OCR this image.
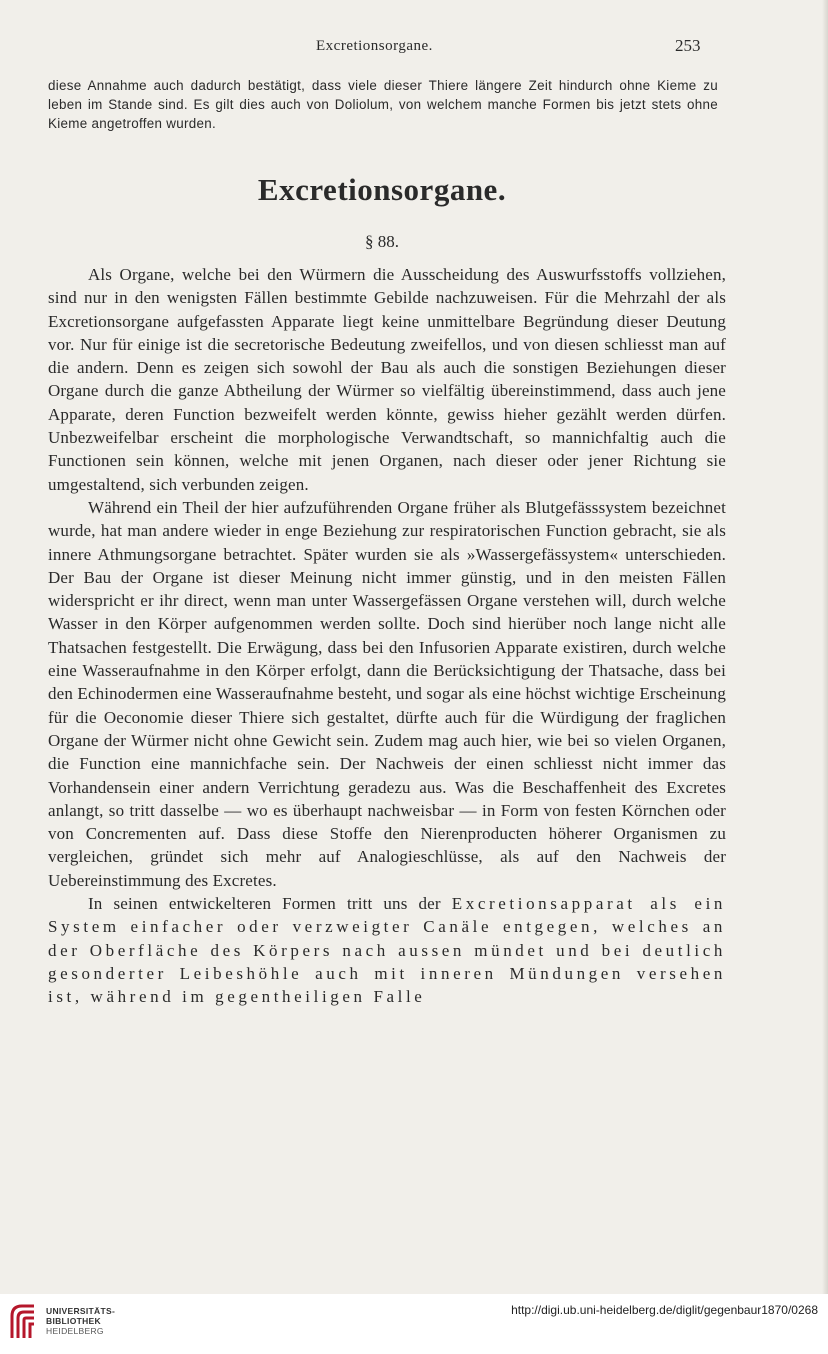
Excretionsorgane.	253
diese Annahme auch dadurch bestätigt, dass viele dieser Thiere längere Zeit hindurch ohne Kieme zu leben im Stande sind. Es gilt dies auch von Doliolum, von welchem manche Formen bis jetzt stets ohne Kieme angetroffen wurden.
Excretionsorgane.
§ 88.

Als Organe, welche bei den Würmern die Ausscheidung des Auswurfsstoffs vollziehen, sind nur in den wenigsten Fällen bestimmte Gebilde nachzuweisen. Für die Mehrzahl der als Excretionsorgane aufgefassten Apparate liegt keine unmittelbare Begründung dieser Deutung vor. Nur für einige ist die secretorische Bedeutung zweifellos, und von diesen schliesst man auf die andern. Denn es zeigen sich sowohl der Bau als auch die sonstigen Beziehungen dieser Organe durch die ganze Abtheilung der Würmer so vielfältig übereinstimmend, dass auch jene Apparate, deren Function bezweifelt werden könnte, gewiss hieher gezählt werden dürfen. Unbezweifelbar erscheint die morphologische Verwandtschaft, so mannichfaltig auch die Functionen sein können, welche mit jenen Organen, nach dieser oder jener Richtung sie umgestaltend, sich verbunden zeigen.

Während ein Theil der hier aufzuführenden Organe früher als Blutgefässsystem bezeichnet wurde, hat man andere wieder in enge Beziehung zur respiratorischen Function gebracht, sie als innere Athmungsorgane betrachtet. Später wurden sie als »Wassergefässystem« unterschieden. Der Bau der Organe ist dieser Meinung nicht immer günstig, und in den meisten Fällen widerspricht er ihr direct, wenn man unter Wassergefässen Organe verstehen will, durch welche Wasser in den Körper aufgenommen werden sollte. Doch sind hierüber noch lange nicht alle Thatsachen festgestellt. Die Erwägung, dass bei den Infusorien Apparate existiren, durch welche eine Wasseraufnahme in den Körper erfolgt, dann die Berücksichtigung der Thatsache, dass bei den Echinodermen eine Wasseraufnahme besteht, und sogar als eine höchst wichtige Erscheinung für die Oeconomie dieser Thiere sich gestaltet, dürfte auch für die Würdigung der fraglichen Organe der Würmer nicht ohne Gewicht sein. Zudem mag auch hier, wie bei so vielen Organen, die Function eine mannichfache sein. Der Nachweis der einen schliesst nicht immer das Vorhandensein einer andern Verrichtung geradezu aus. Was die Beschaffenheit des Excretes anlangt, so tritt dasselbe — wo es überhaupt nachweisbar — in Form von festen Körnchen oder von Concrementen auf. Dass diese Stoffe den Nierenproducten höherer Organismen zu vergleichen, gründet sich mehr auf Analogieschlüsse, als auf den Nachweis der Uebereinstimmung des Excretes.

In seinen entwickelteren Formen tritt uns der Excretionsapparat als ein System einfacher oder verzweigter Canäle entgegen, welches an der Oberfläche des Körpers nach aussen mündet und bei deutlich gesonderter Leibeshöhle auch mit inneren Mündungen versehen ist, während im gegentheiligen Falle

UNIVERSITÄTS-
BIBLIOTHEK
HEIDELBERG
http://digi.ub.uni-heidelberg.de/diglit/gegenbaur1870/0268
